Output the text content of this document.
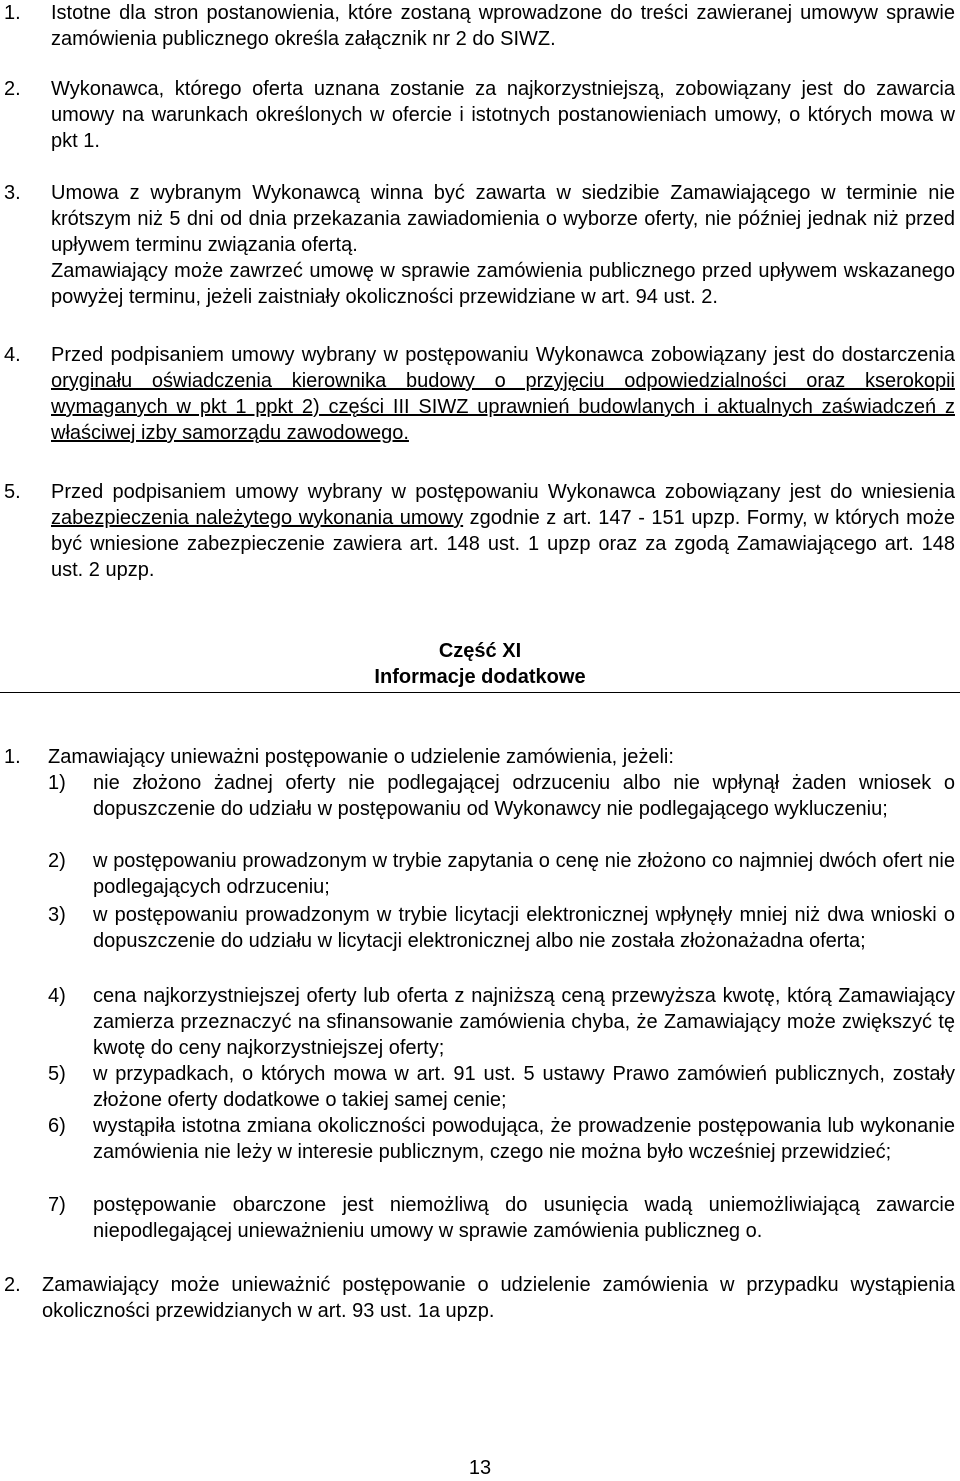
1. Istotne dla stron postanowienia, które zostaną wprowadzone do treści zawieranej umowyw sprawie zamówienia publicznego określa załącznik nr 2 do SIWZ.
2. Wykonawca, którego oferta uznana zostanie za najkorzystniejszą, zobowiązany jest do zawarcia umowy na warunkach określonych w ofercie i istotnych postanowieniach umowy, o których mowa w pkt 1.
3. Umowa z wybranym Wykonawcą winna być zawarta w siedzibie Zamawiającego w terminie nie krótszym niż 5 dni od dnia przekazania zawiadomienia o wyborze oferty, nie później jednak niż przed upływem terminu związania ofertą.
Zamawiający może zawrzeć umowę w sprawie zamówienia publicznego przed upływem wskazanego powyżej terminu, jeżeli zaistniały okoliczności przewidziane w art. 94 ust. 2.
4. Przed podpisaniem umowy wybrany w postępowaniu Wykonawca zobowiązany jest do dostarczenia oryginału oświadczenia kierownika budowy o przyjęciu odpowiedzialności oraz kserokopii wymaganych w pkt 1 ppkt 2) części III SIWZ uprawnień budowlanych i aktualnych zaświadczeń z właściwej izby samorządu zawodowego.
5. Przed podpisaniem umowy wybrany w postępowaniu Wykonawca zobowiązany jest do wniesienia zabezpieczenia należytego wykonania umowy zgodnie z art. 147 - 151 upzp. Formy, w których może być wniesione zabezpieczenie zawiera art. 148 ust. 1 upzp oraz za zgodą Zamawiającego art. 148 ust. 2 upzp.
Część XI
Informacje dodatkowe
1. Zamawiający unieważni postępowanie o udzielenie zamówienia, jeżeli:
1) nie złożono żadnej oferty nie podlegającej odrzuceniu albo nie wpłynął żaden wniosek o dopuszczenie do udziału w postępowaniu od Wykonawcy nie podlegającego wykluczeniu;
2) w postępowaniu prowadzonym w trybie zapytania o cenę nie złożono co najmniej dwóch ofert nie podlegających odrzuceniu;
3) w postępowaniu prowadzonym w trybie licytacji elektronicznej wpłynęły mniej niż dwa wnioski o dopuszczenie do udziału w licytacji elektronicznej albo nie została złożonażadna oferta;
4) cena najkorzystniejszej oferty lub oferta z najniższą ceną przewyższa kwotę, którą Zamawiający zamierza przeznaczyć na sfinansowanie zamówienia chyba, że Zamawiający może zwiększyć tę kwotę do ceny najkorzystniejszej oferty;
5) w przypadkach, o których mowa w art. 91 ust. 5 ustawy Prawo zamówień publicznych, zostały złożone oferty dodatkowe o takiej samej cenie;
6) wystąpiła istotna zmiana okoliczności powodująca, że prowadzenie postępowania lub wykonanie zamówienia nie leży w interesie publicznym, czego nie można było wcześniej przewidzieć;
7) postępowanie obarczone jest niemożliwą do usunięcia wadą uniemożliwiającą zawarcie niepodlegającej unieważnieniu umowy w sprawie zamówienia publiczneg o.
2. Zamawiający może unieważnić postępowanie o udzielenie zamówienia w przypadku wystąpienia okoliczności przewidzianych w art. 93 ust. 1a upzp.
13
